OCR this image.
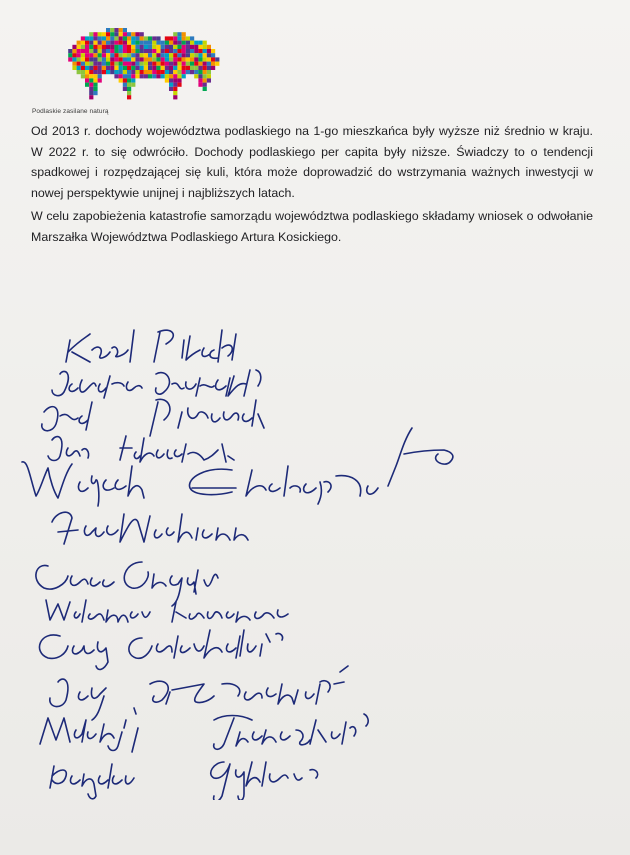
Podlaskie zasilane naturą

Od 2013 r. dochody województwa podlaskiego na 1-go mieszkańca były wyższe niż średnio w kraju. W 2022 r. to się odwróciło. Dochody podlaskiego per capita były niższe. Świadczy to o tendencji spadkowej i rozpędzającej się kuli, która może doprowadzić do wstrzymania ważnych inwestycji w nowej perspektywie unijnej i najbliższych latach.

W celu zapobieżenia katastrofie samorządu województwa podlaskiego składamy wniosek o odwołanie Marszałka Województwa Podlaskiego Artura Kosickiego.
